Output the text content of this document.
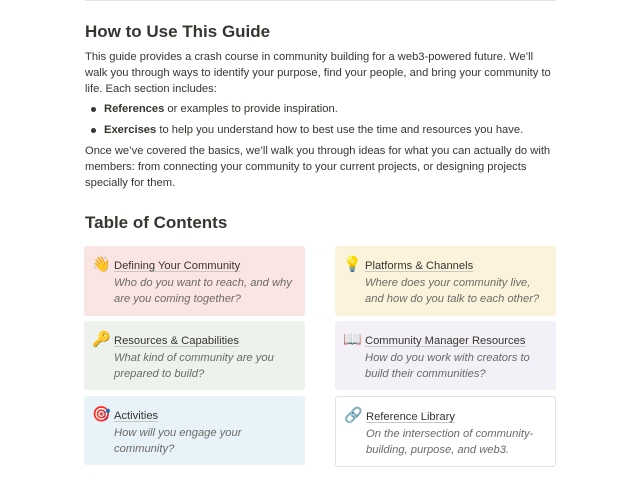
How to Use This Guide

This guide provides a crash course in community building for a web3-powered future. We’ll walk you through ways to identify your purpose, find your people, and bring your community to life. Each section includes:

References or examples to provide inspiration.
Exercises to help you understand how to best use the time and resources you have.

Once we’ve covered the basics, we’ll walk you through ideas for what you can actually do with members: from connecting your community to your current projects, or designing projects specially for them.

Table of Contents
👋 Defining Your Community
Who do you want to reach, and why are you coming together?
💡 Platforms & Channels
Where does your community live, and how do you talk to each other?
🔑 Resources & Capabilities
What kind of community are you prepared to build?
📖 Community Manager Resources
How do you work with creators to build their communities?
🎯 Activities
How will you engage your community?
🔗 Reference Library
On the intersection of community-building, purpose, and web3.
